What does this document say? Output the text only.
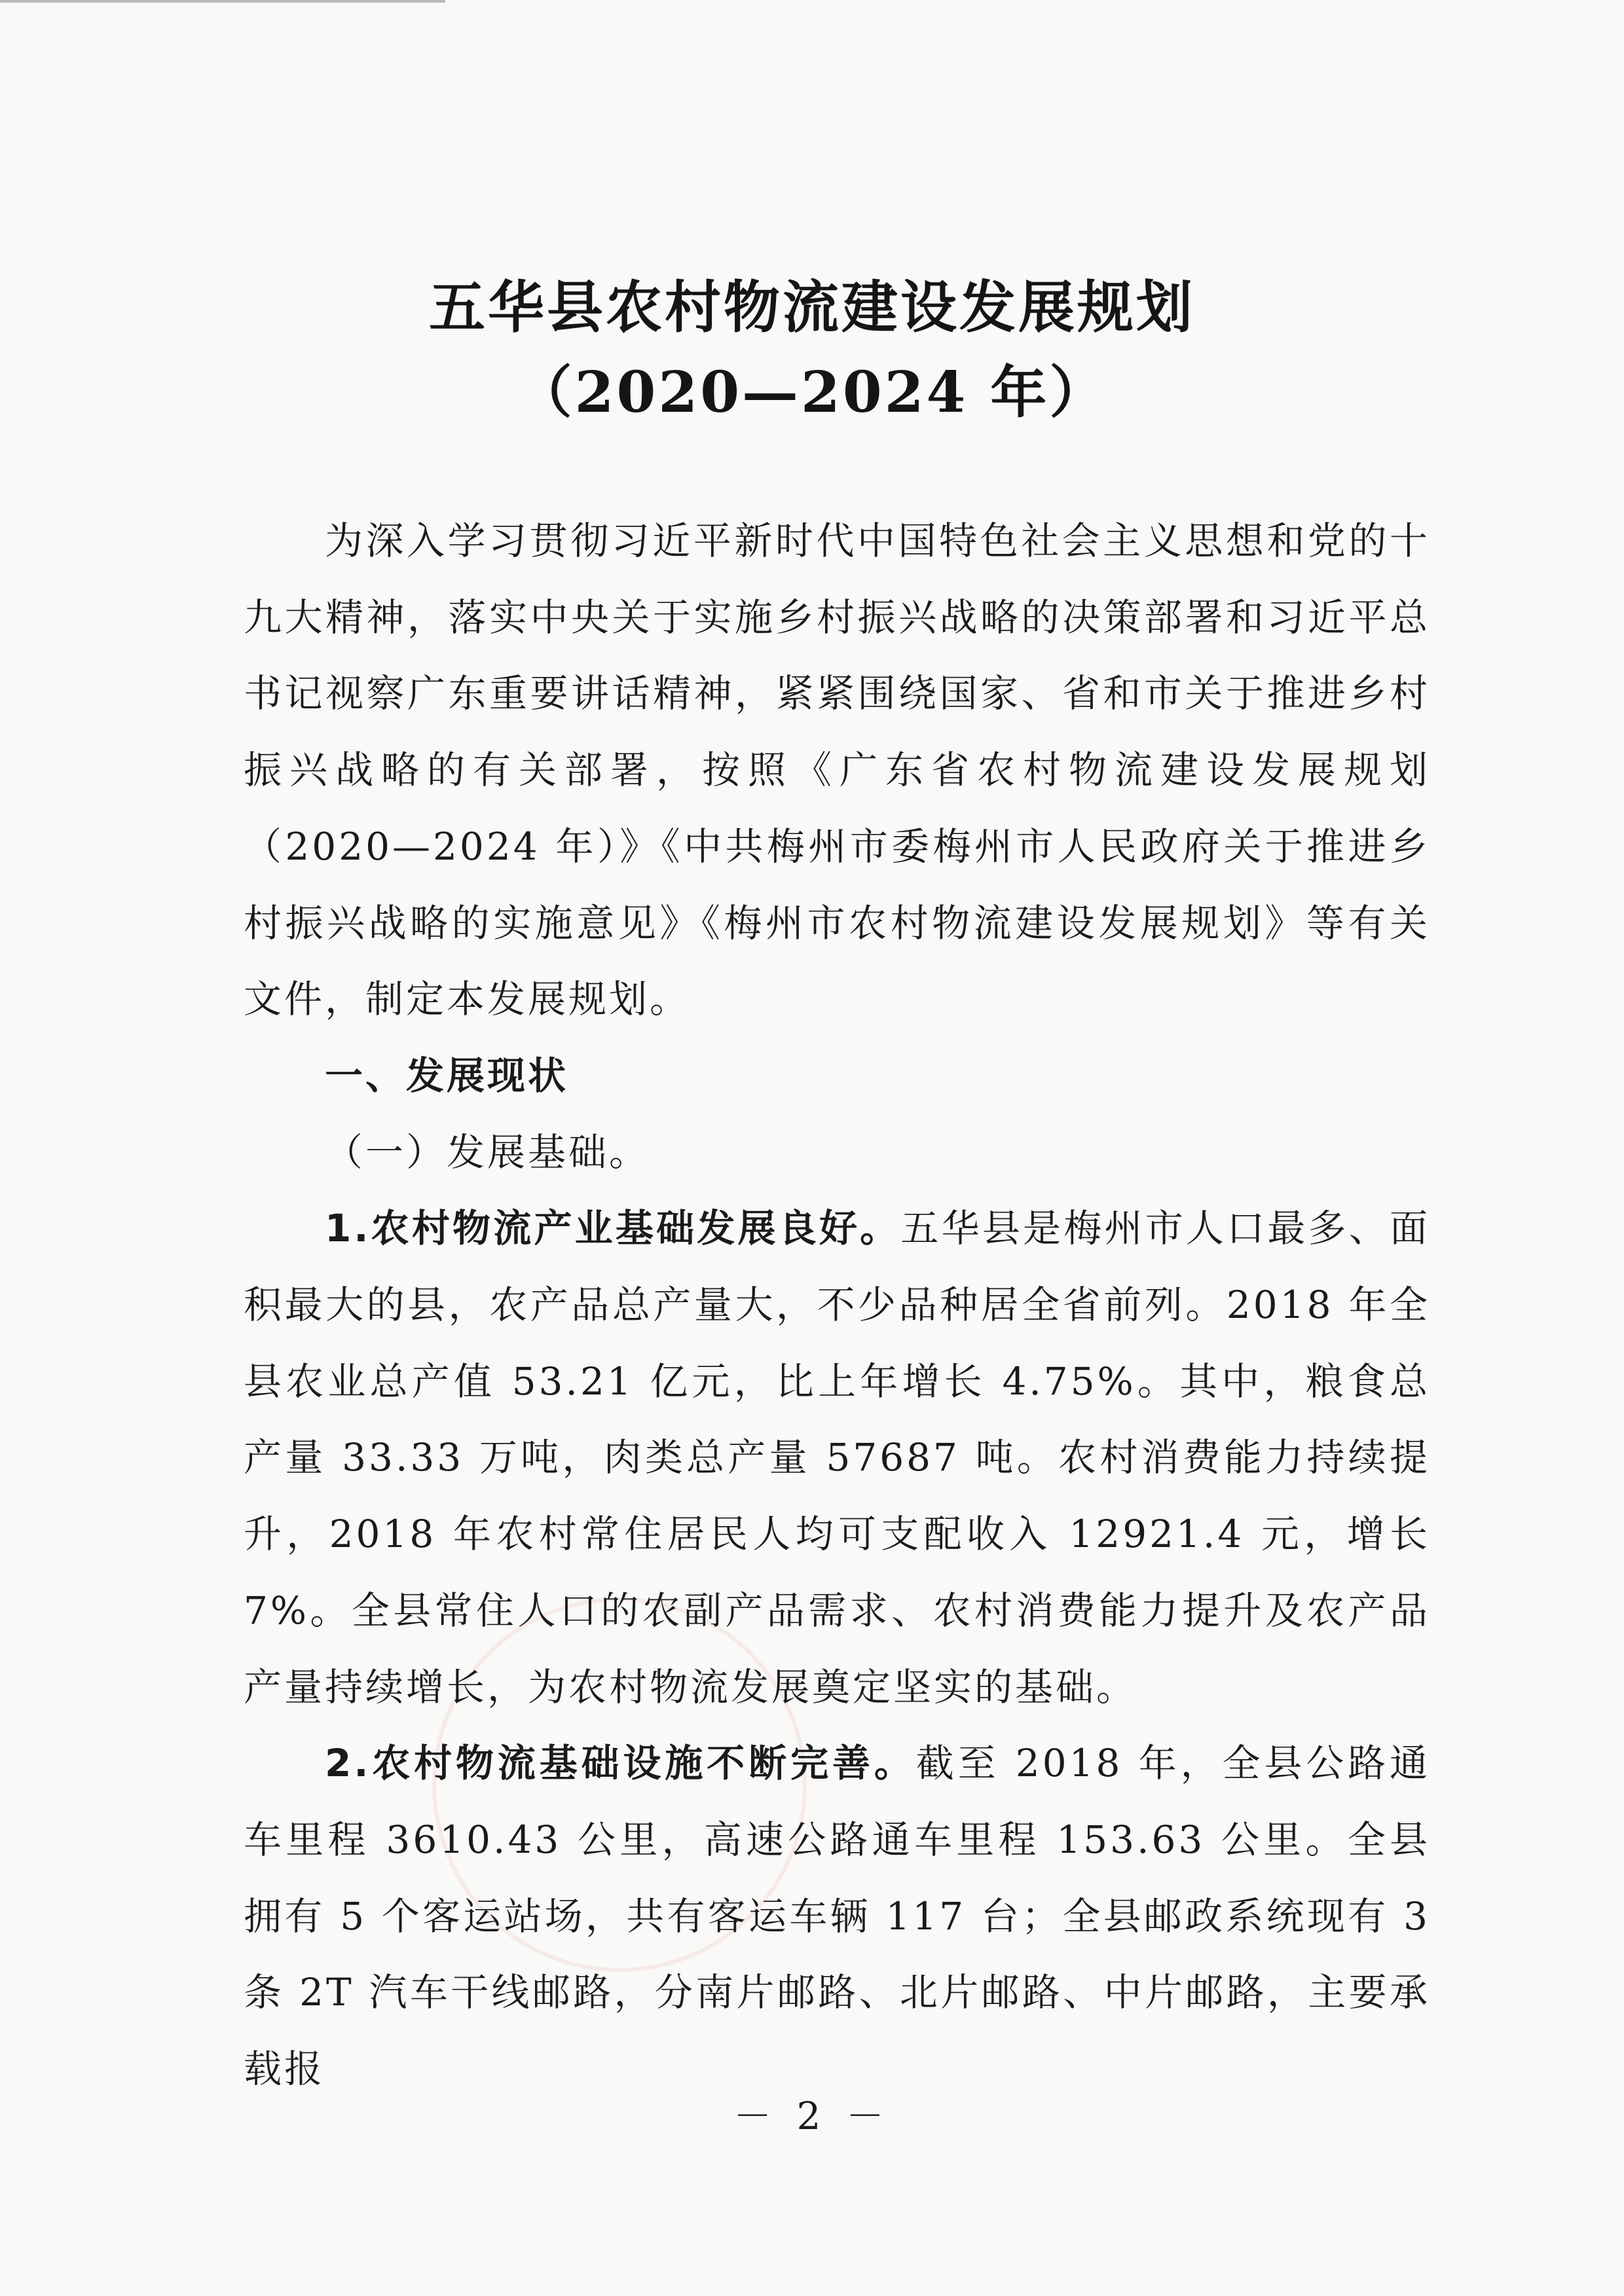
五华县农村物流建设发展规划
（2020—2024 年）

为深入学习贯彻习近平新时代中国特色社会主义思想和党的十九大精神，落实中央关于实施乡村振兴战略的决策部署和习近平总书记视察广东重要讲话精神，紧紧围绕国家、省和市关于推进乡村振兴战略的有关部署，按照《广东省农村物流建设发展规划（2020—2024 年）》《中共梅州市委梅州市人民政府关于推进乡村振兴战略的实施意见》《梅州市农村物流建设发展规划》等有关文件，制定本发展规划。

一、发展现状

（一）发展基础。

1.农村物流产业基础发展良好。五华县是梅州市人口最多、面积最大的县，农产品总产量大，不少品种居全省前列。2018 年全县农业总产值 53.21 亿元，比上年增长 4.75%。其中，粮食总产量 33.33 万吨，肉类总产量 57687 吨。农村消费能力持续提升，2018 年农村常住居民人均可支配收入 12921.4 元，增长 7%。全县常住人口的农副产品需求、农村消费能力提升及农产品产量持续增长，为农村物流发展奠定坚实的基础。

2.农村物流基础设施不断完善。截至 2018 年，全县公路通车里程 3610.43 公里，高速公路通车里程 153.63 公里。全县拥有 5 个客运站场，共有客运车辆 117 台；全县邮政系统现有 3 条 2T 汽车干线邮路，分南片邮路、北片邮路、中片邮路，主要承载报

－ 2 －
